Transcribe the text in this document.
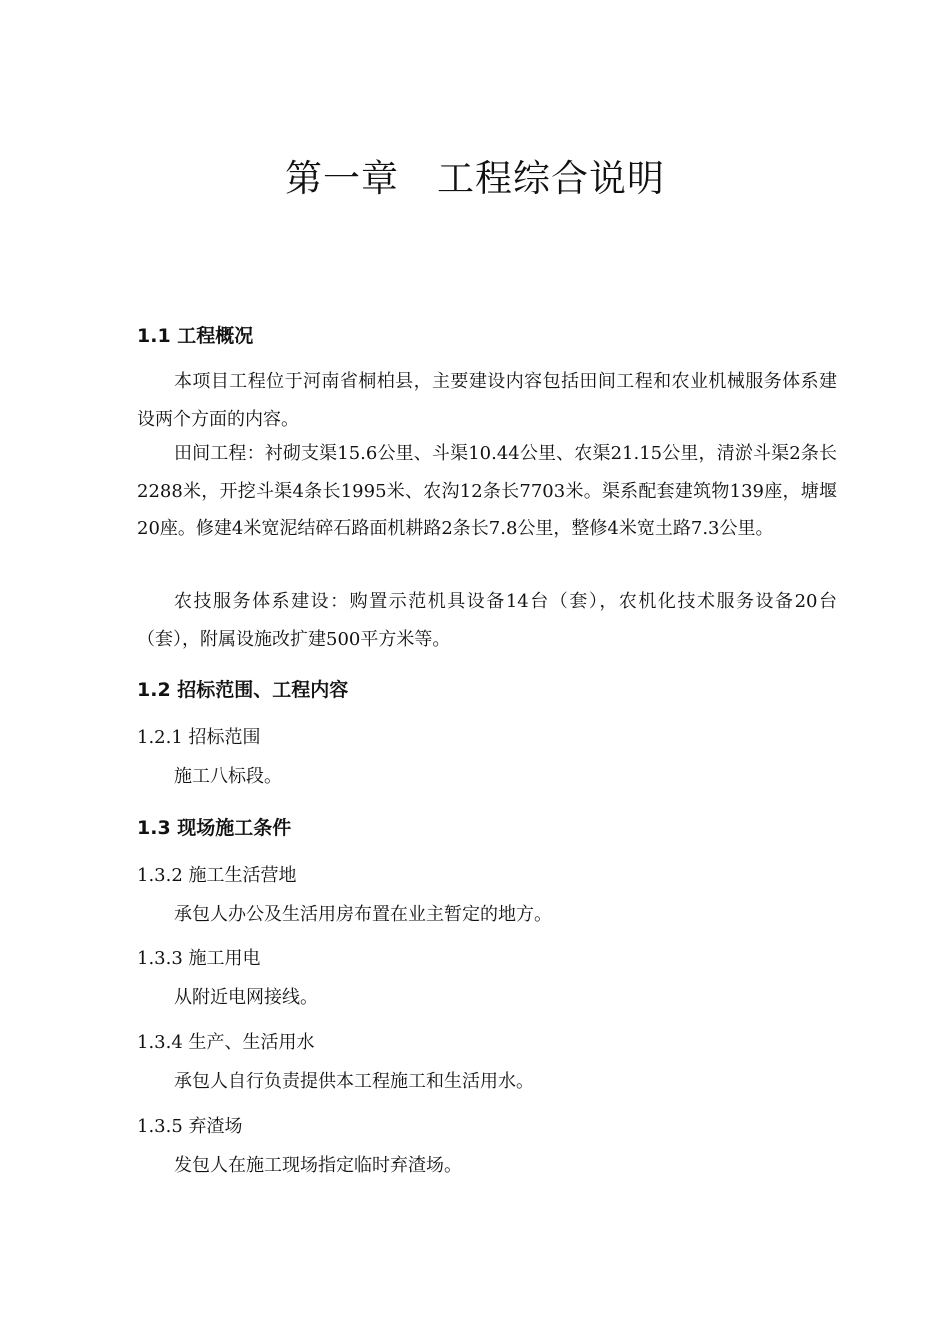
第一章　工程综合说明
1.1 工程概况
本项目工程位于河南省桐柏县，主要建设内容包括田间工程和农业机械服务体系建设两个方面的内容。
田间工程：衬砌支渠15.6公里、斗渠10.44公里、农渠21.15公里，清淤斗渠2条长2288米，开挖斗渠4条长1995米、农沟12条长7703米。渠系配套建筑物139座，塘堰20座。修建4米宽泥结碎石路面机耕路2条长7.8公里，整修4米宽土路7.3公里。
农技服务体系建设：购置示范机具设备14台（套），农机化技术服务设备20台（套），附属设施改扩建500平方米等。
1.2 招标范围、工程内容
1.2.1 招标范围
施工八标段。
1.3 现场施工条件
1.3.2 施工生活营地
承包人办公及生活用房布置在业主暂定的地方。
1.3.3 施工用电
从附近电网接线。
1.3.4 生产、生活用水
承包人自行负责提供本工程施工和生活用水。
1.3.5 弃渣场
发包人在施工现场指定临时弃渣场。
